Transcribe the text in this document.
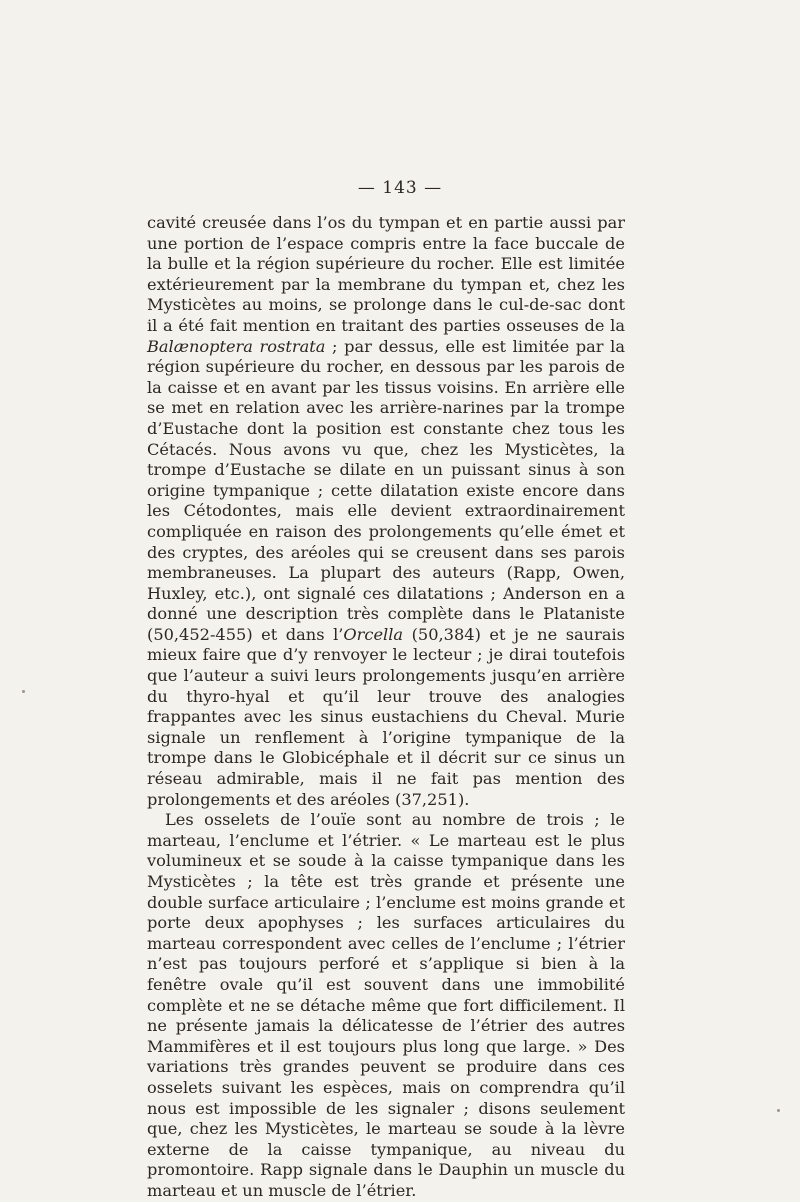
— 143 —

cavité creusée dans l’os du tympan et en partie aussi par une portion de l’espace compris entre la face buccale de la bulle et la région supérieure du rocher. Elle est limitée extérieurement par la membrane du tympan et, chez les Mysticètes au moins, se prolonge dans le cul-de-sac dont il a été fait mention en traitant des parties osseuses de la Balænoptera rostrata ; par dessus, elle est limitée par la région supérieure du rocher, en dessous par les parois de la caisse et en avant par les tissus voisins. En arrière elle se met en relation avec les arrière-narines par la trompe d’Eustache dont la position est constante chez tous les Cétacés. Nous avons vu que, chez les Mysticètes, la trompe d’Eustache se dilate en un puissant sinus à son origine tympanique ; cette dilatation existe encore dans les Cétodontes, mais elle devient extraordinairement compliquée en raison des prolongements qu’elle émet et des cryptes, des aréoles qui se creusent dans ses parois membraneuses. La plupart des auteurs (Rapp, Owen, Huxley, etc.), ont signalé ces dilatations ; Anderson en a donné une description très complète dans le Plataniste (50,452-455) et dans l’Orcella (50,384) et je ne saurais mieux faire que d’y renvoyer le lecteur ; je dirai toutefois que l’auteur a suivi leurs prolongements jusqu’en arrière du thyro-hyal et qu’il leur trouve des analogies frappantes avec les sinus eustachiens du Cheval. Murie signale un renflement à l’origine tympanique de la trompe dans le Globicéphale et il décrit sur ce sinus un réseau admirable, mais il ne fait pas mention des prolongements et des aréoles (37,251).

Les osselets de l’ouïe sont au nombre de trois ; le marteau, l’enclume et l’étrier. « Le marteau est le plus volumineux et se soude à la caisse tympanique dans les Mysticètes ; la tête est très grande et présente une double surface articulaire ; l’enclume est moins grande et porte deux apophyses ; les surfaces articulaires du marteau correspondent avec celles de l’enclume ; l’étrier n’est pas toujours perforé et s’applique si bien à la fenêtre ovale qu’il est souvent dans une immobilité complète et ne se détache même que fort difficilement. Il ne présente jamais la délicatesse de l’étrier des autres Mammifères et il est toujours plus long que large. » Des variations très grandes peuvent se produire dans ces osselets suivant les espèces, mais on comprendra qu’il nous est impossible de les signaler ; disons seulement que, chez les Mysticètes, le marteau se soude à la lèvre externe de la caisse tympanique, au niveau du promontoire. Rapp signale dans le Dauphin un muscle du marteau et un muscle de l’étrier.
